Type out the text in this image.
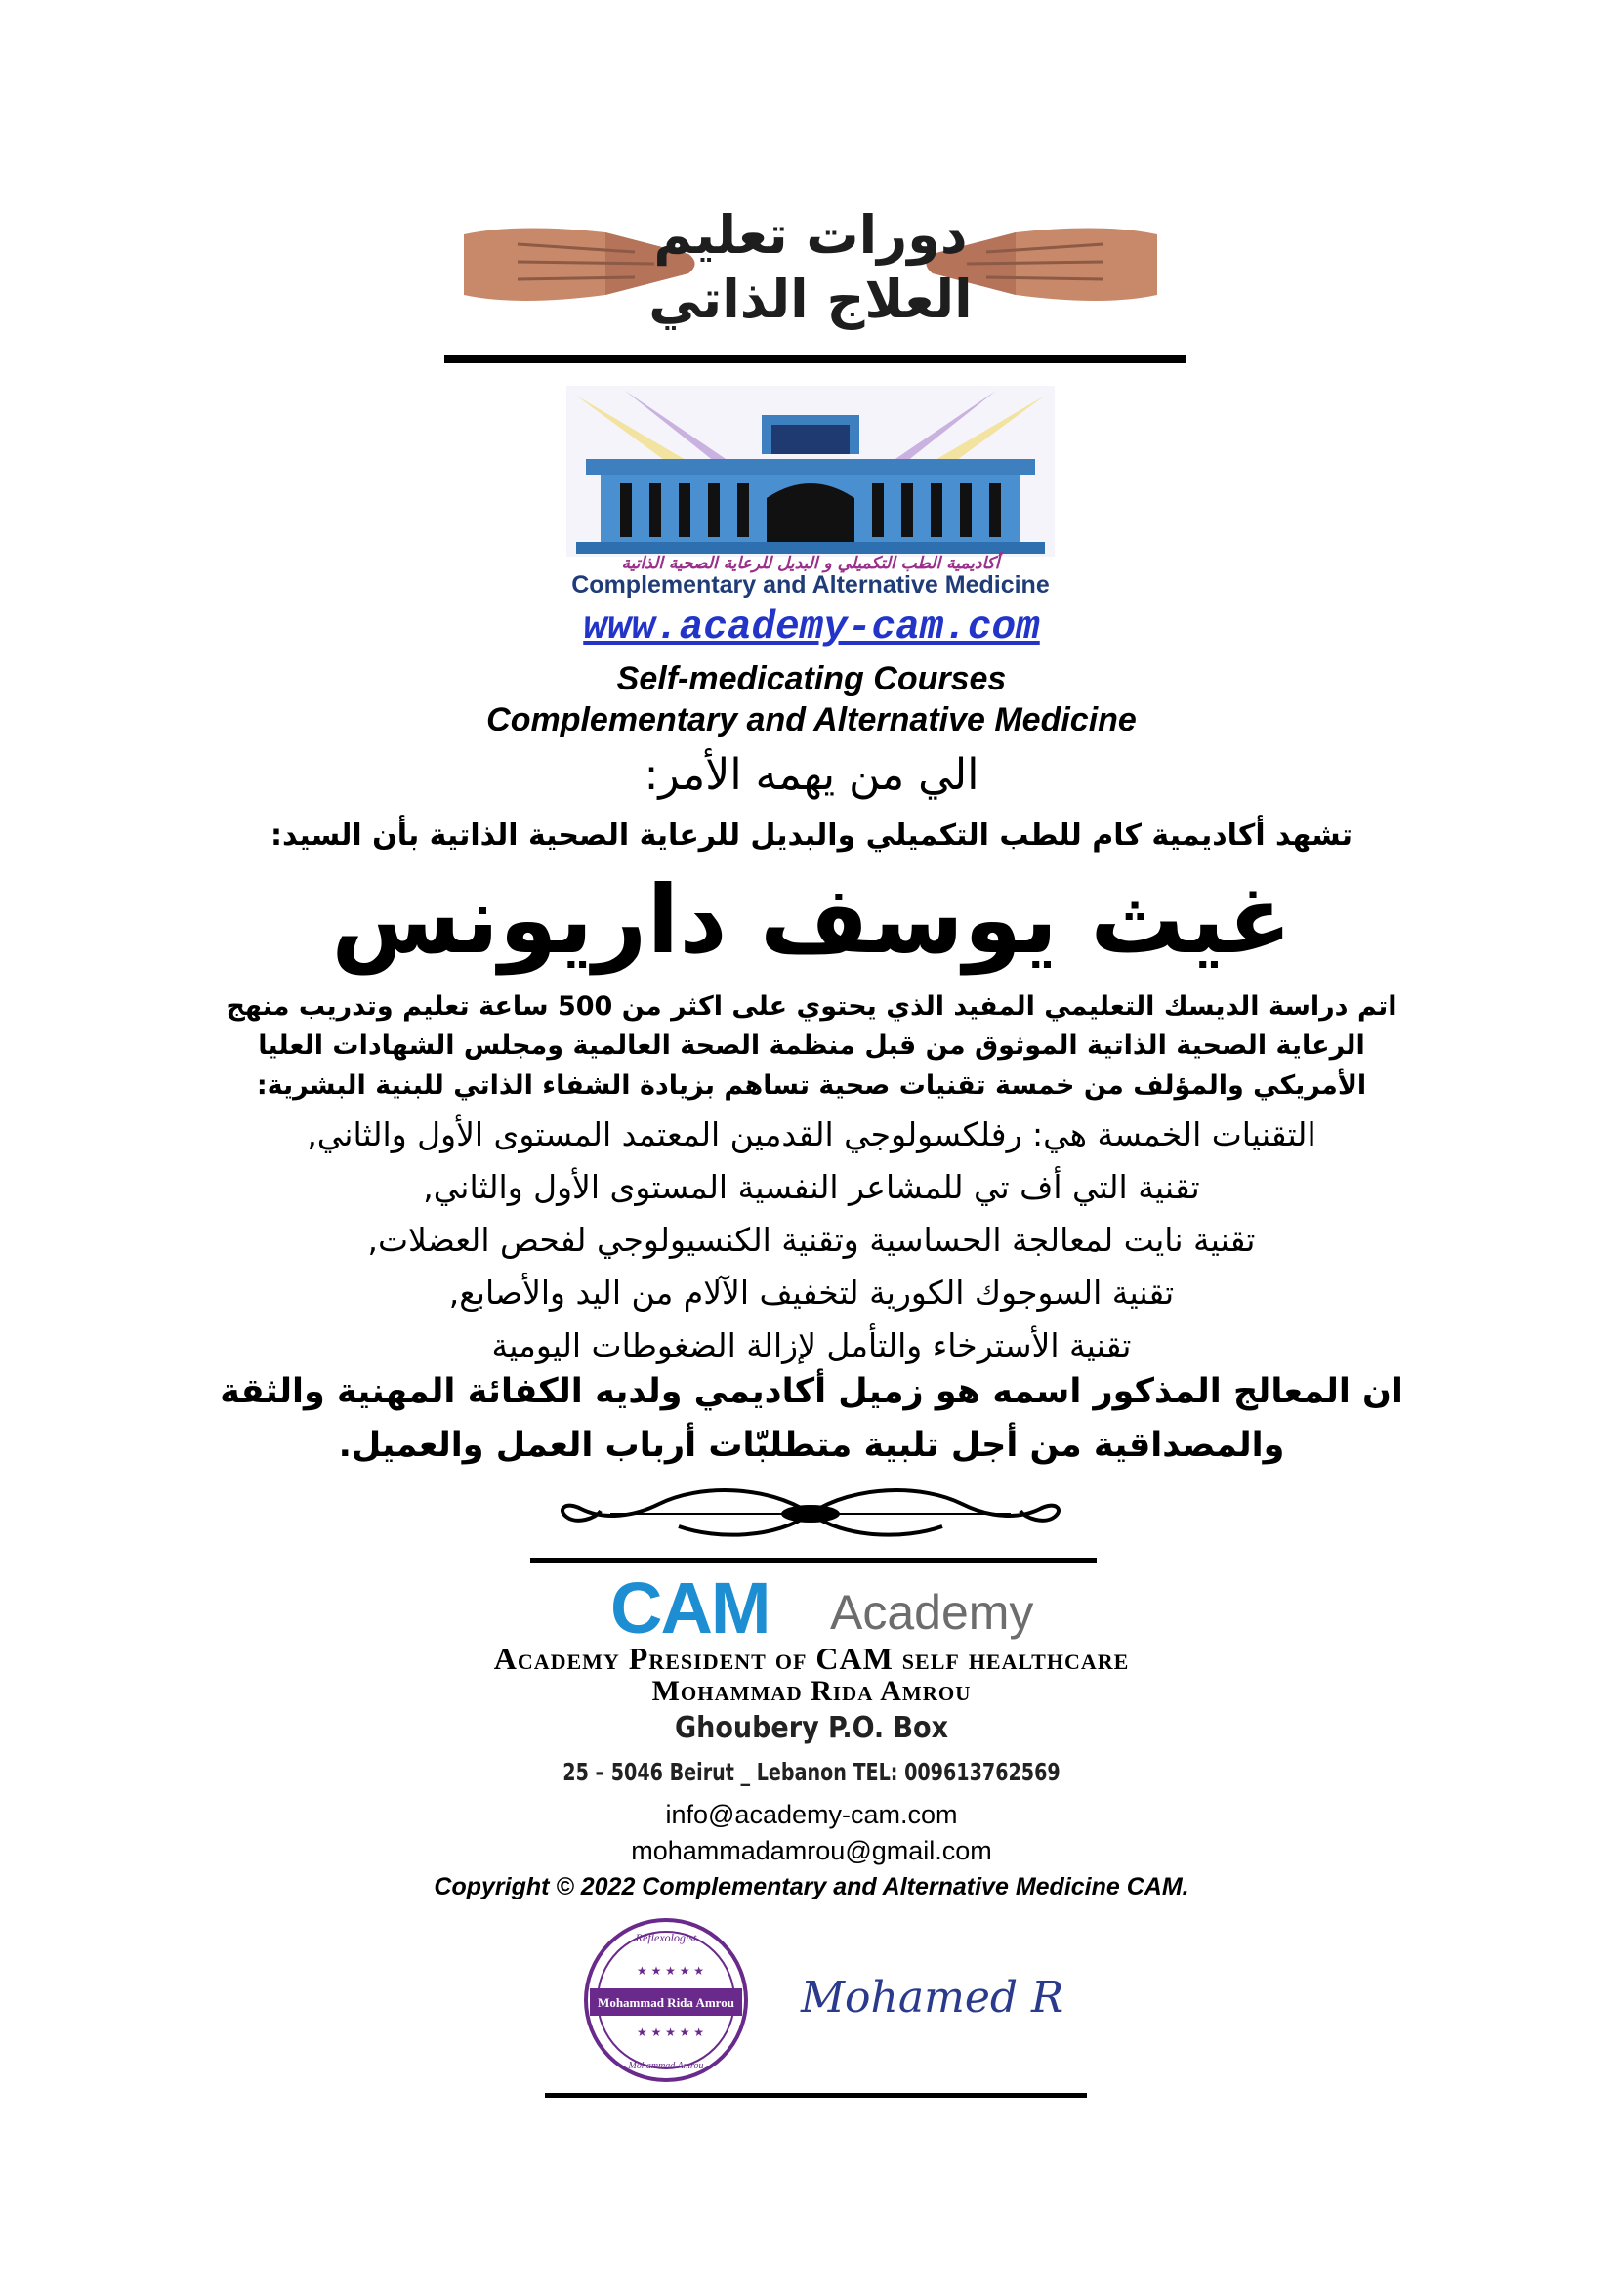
دورات تعليم
العلاج الذاتي
أكاديمية الطب التكميلي و البديل للرعاية الصحية الذاتية
Complementary and Alternative Medicine
www.academy-cam.com
Self-medicating Courses
Complementary and Alternative Medicine
الي من يهمه الأمر:
تشهد أكاديمية كام للطب التكميلي والبديل للرعاية الصحية الذاتية بأن السيد:
غيث يوسف داريونس
اتم دراسة الديسك التعليمي المفيد الذي يحتوي على اكثر من 500 ساعة تعليم وتدريب منهج
الرعاية الصحية الذاتية الموثوق من قبل منظمة الصحة العالمية ومجلس الشهادات العليا
الأمريكي والمؤلف من خمسة تقنيات صحية تساهم بزيادة الشفاء الذاتي للبنية البشرية:
التقنيات الخمسة هي: رفلكسولوجي القدمين المعتمد المستوى الأول والثاني,
تقنية التي أف تي للمشاعر النفسية المستوى الأول والثاني,
تقنية نايت لمعالجة الحساسية وتقنية الكنسيولوجي لفحص العضلات,
تقنية السوجوك الكورية لتخفيف الآلام من اليد والأصابع,
تقنية الأسترخاء والتأمل لإزالة الضغوطات اليومية
ان المعالج المذكور اسمه هو زميل أكاديمي ولديه الكفائة المهنية والثقة
والمصداقية من أجل تلبية متطلبّات أرباب العمل والعميل.
CAM Academy
Academy President of CAM self healthcare
Mohammad Rida Amrou
Ghoubery P.O. Box
25 – 5046 Beirut _ Lebanon TEL: 009613762569
info@academy-cam.com
mohammadamrou@gmail.com
Copyright © 2022 Complementary and Alternative Medicine CAM.
Reflexologist
★ ★ ★ ★ ★
Mohammad Rida Amrou
★ ★ ★ ★ ★
Mohammad Amrou
Mohamed R
